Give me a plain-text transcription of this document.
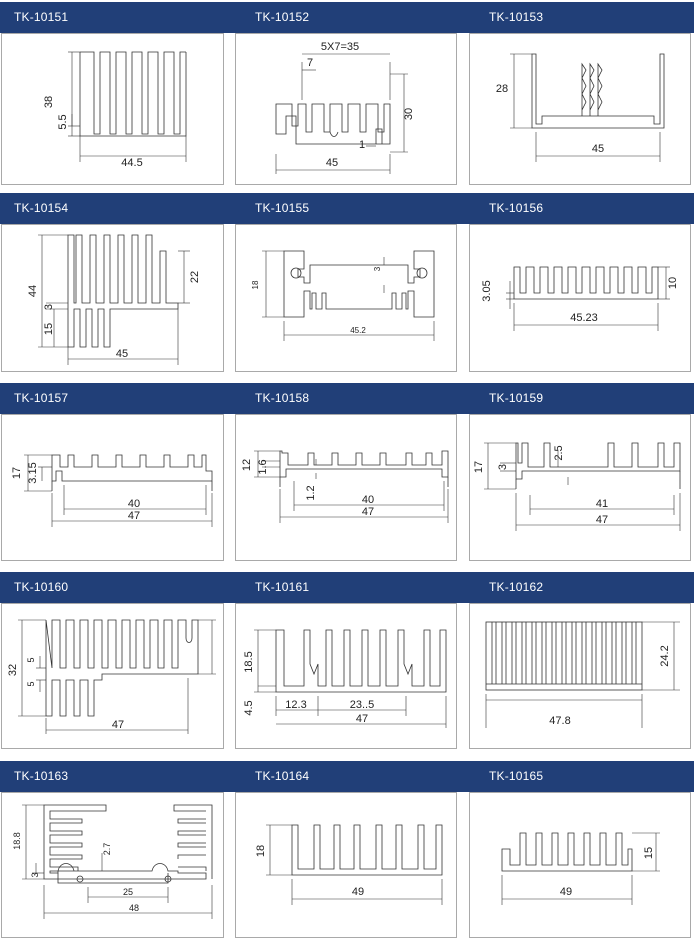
TK-10151	TK-10152	TK-10153
38
5.5
44.5
5X7=35
7
30
1
45
28
45
TK-10154	TK-10155	TK-10156
44
22
3
15
45
18
3
45.2
3.05	10
45.23
TK-10157	TK-10158	TK-10159
17 3.15
40
47
12 1.6
1.2	40
47
17 3
2.5
41
47
TK-10160	TK-10161	TK-10162
32
5
5
47
18.5
4.5	12.3	23..5
47
24.2
47.8
TK-10163	TK-10164	TK-10165
18.8	2.7
3
25
48
18
49
15
49
